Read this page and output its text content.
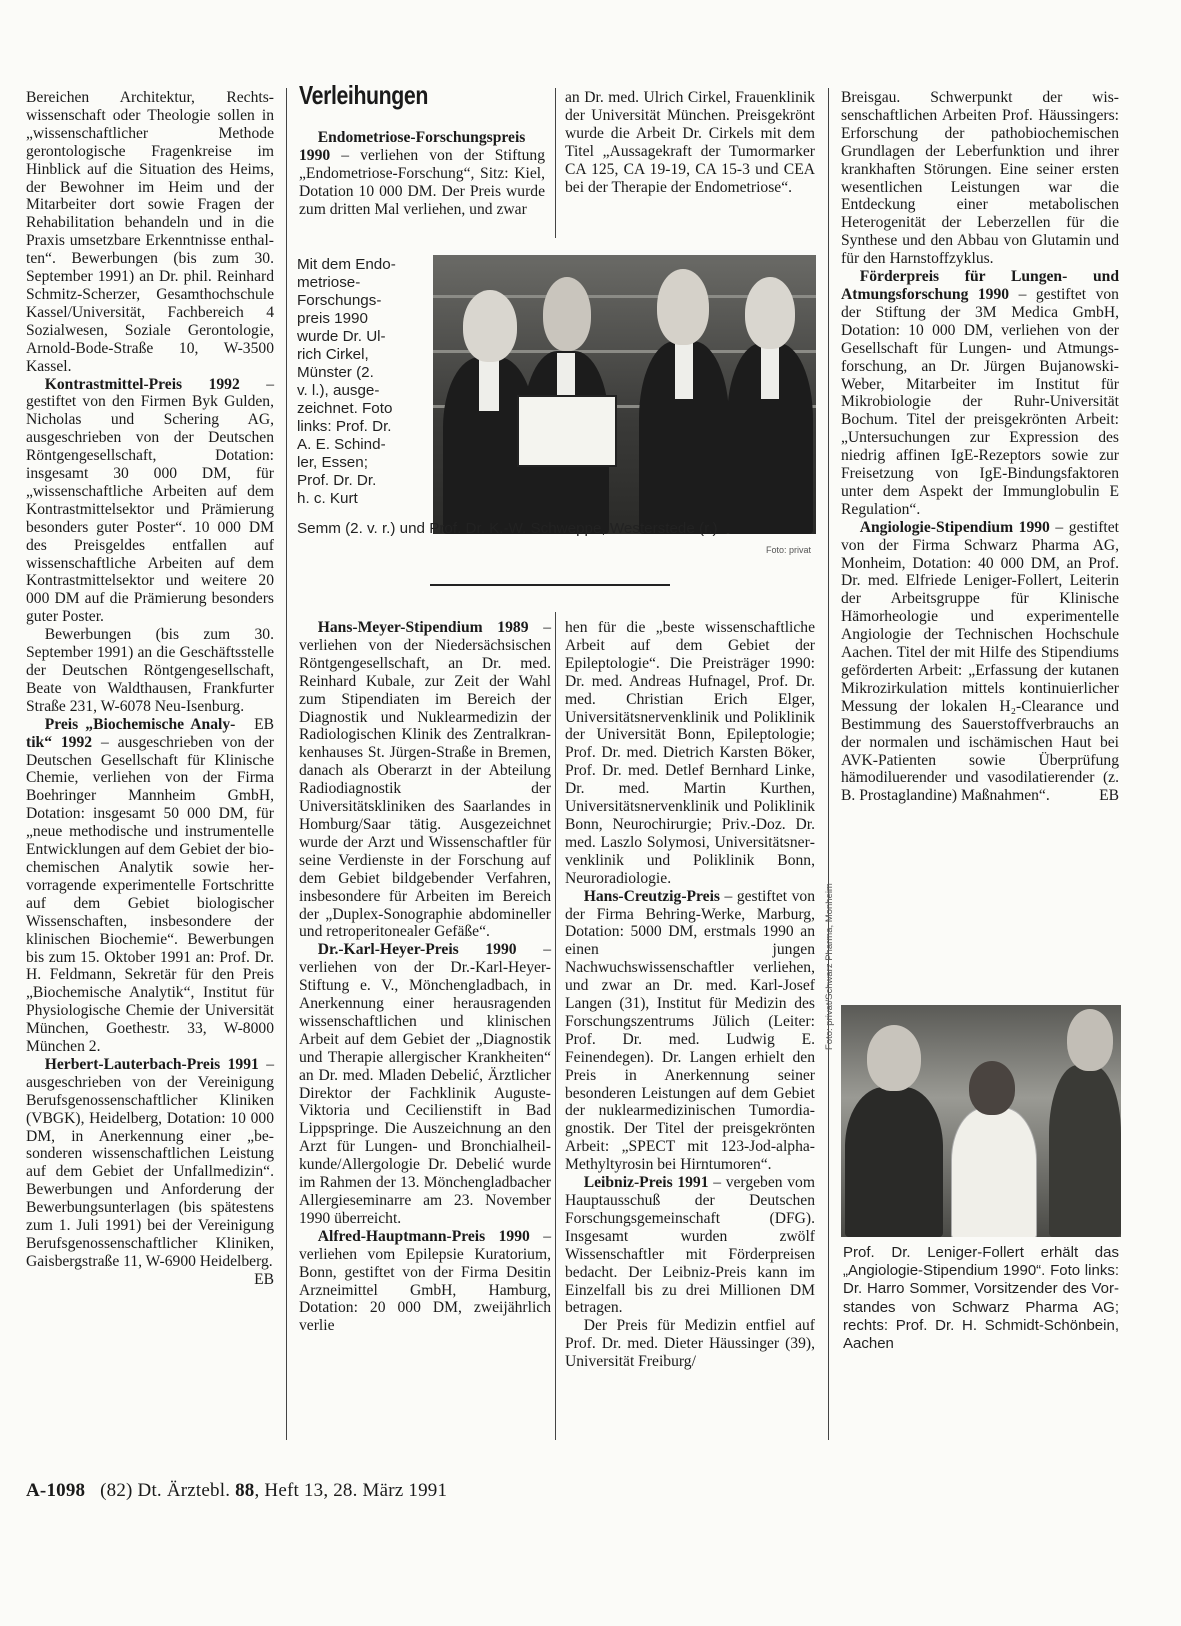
Bereichen Architektur, Rechtswissenschaft oder Theologie sollen in „wissenschaftlicher Methode gerontologische Fragenkreise im Hinblick auf die Situation des Heims, der Bewohner im Heim und der Mitarbeiter dort sowie Fragen der Rehabilitation behandeln und in die Praxis umsetzbare Erkenntnisse enthalten“. Bewerbungen (bis zum 30. September 1991) an Dr. phil. Reinhard Schmitz-Scherzer, Gesamthochschule Kassel/Universität, Fachbereich 4 Sozialwesen, Soziale Gerontologie, Arnold-Bode-Straße 10, W-3500 Kassel.

Kontrastmittel-Preis 1992 – gestiftet von den Firmen Byk Gulden, Nicholas und Schering AG, ausgeschrieben von der Deutschen Röntgengesellschaft, Dotation: insgesamt 30 000 DM, für „wissenschaftliche Arbeiten auf dem Kontrastmittelsektor und Prämierung besonders guter Poster“. 10 000 DM des Preisgeldes entfallen auf wissenschaftliche Arbeiten auf dem Kontrastmittelsektor und weitere 20 000 DM auf die Prämierung besonders guter Poster.

Bewerbungen (bis zum 30. September 1991) an die Geschäftsstelle der Deutschen Röntgengesellschaft, Beate von Waldthausen, Frankfurter Straße 231, W-6078 Neu-Isenburg.
EB

Preis „Biochemische Analytik“ 1992 – ausgeschrieben von der Deutschen Gesellschaft für Klinische Chemie, verliehen von der Firma Boehringer Mannheim GmbH, Dotation: insgesamt 50 000 DM, für „neue methodische und instrumentelle Entwicklungen auf dem Gebiet der biochemischen Analytik sowie hervorragende experimentelle Fortschritte auf dem Gebiet biologischer Wissenschaften, insbesondere der klinischen Biochemie“. Bewerbungen bis zum 15. Oktober 1991 an: Prof. Dr. H. Feldmann, Sekretär für den Preis „Biochemische Analytik“, Institut für Physiologische Chemie der Universität München, Goethestr. 33, W-8000 München 2.

Herbert-Lauterbach-Preis 1991 – ausgeschrieben von der Vereinigung Berufsgenossenschaftlicher Kliniken (VBGK), Heidelberg, Dotation: 10 000 DM, in Anerkennung einer „besonderen wissenschaftlichen Leistung auf dem Gebiet der Unfallmedizin“. Bewerbungen und Anforderung der Bewerbungsunterlagen (bis spätestens zum 1. Juli 1991) bei der Vereinigung Berufsgenossenschaftlicher Kliniken, Gaisbergstraße 11, W-6900 Heidelberg.
EB

Verleihungen

Endometriose-Forschungspreis 1990 – verliehen von der Stiftung „Endometriose-Forschung“, Sitz: Kiel, Dotation 10 000 DM. Der Preis wurde zum dritten Mal verliehen, und zwar

an Dr. med. Ulrich Cirkel, Frauenklinik der Universität München. Preisgekrönt wurde die Arbeit Dr. Cirkels mit dem Titel „Aussagekraft der Tumormarker CA 125, CA 19-19, CA 15-3 und CEA bei der Therapie der Endometriose“.

Mit dem Endo-
metriose-
Forschungs-
preis 1990
wurde Dr. Ul-
rich Cirkel,
Münster (2.
v. l.), ausge-
zeichnet. Foto
links: Prof. Dr.
A. E. Schind-
ler, Essen;
Prof. Dr. Dr.
h. c. Kurt
Semm (2. v. r.) und Prof. Dr. K.-W. Schweppe, Westerstede (r.)
Foto: privat

Hans-Meyer-Stipendium 1989 – verliehen von der Niedersächsischen Röntgengesellschaft, an Dr. med. Reinhard Kubale, zur Zeit der Wahl zum Stipendiaten im Bereich der Diagnostik und Nuklearmedizin der Radiologischen Klinik des Zentralkrankenhauses St. Jürgen-Straße in Bremen, danach als Oberarzt in der Abteilung Radiodiagnostik der Universitätskliniken des Saarlandes in Homburg/Saar tätig. Ausgezeichnet wurde der Arzt und Wissenschaftler für seine Verdienste in der Forschung auf dem Gebiet bildgebender Verfahren, insbesondere für Arbeiten im Bereich der „Duplex-Sonographie abdomineller und retroperitonealer Gefäße“.

Dr.-Karl-Heyer-Preis 1990 – verliehen von der Dr.-Karl-Heyer-Stiftung e. V., Mönchengladbach, in Anerkennung einer herausragenden wissenschaftlichen und klinischen Arbeit auf dem Gebiet der „Diagnostik und Therapie allergischer Krankheiten“ an Dr. med. Mladen Debelić, Ärztlicher Direktor der Fachklinik Auguste-Viktoria und Cecilienstift in Bad Lippspringe. Die Auszeichnung an den Arzt für Lungen- und Bronchialheilkunde/Allergologie Dr. Debelić wurde im Rahmen der 13. Mönchengladbacher Allergieseminarre am 23. November 1990 überreicht.

Alfred-Hauptmann-Preis 1990 – verliehen vom Epilepsie Kuratorium, Bonn, gestiftet von der Firma Desitin Arzneimittel GmbH, Hamburg, Dotation: 20 000 DM, zweijährlich verlie

hen für die „beste wissenschaftliche Arbeit auf dem Gebiet der Epileptologie“. Die Preisträger 1990: Dr. med. Andreas Hufnagel, Prof. Dr. med. Christian Erich Elger, Universitätsnervenklinik und Poliklinik der Universität Bonn, Epileptologie; Prof. Dr. med. Dietrich Karsten Böker, Prof. Dr. med. Detlef Bernhard Linke, Dr. med. Martin Kurthen, Universitätsnervenklinik und Poliklinik Bonn, Neurochirurgie; Priv.-Doz. Dr. med. Laszlo Solymosi, Universitätsnervenklinik und Poliklinik Bonn, Neuroradiologie.

Hans-Creutzig-Preis – gestiftet von der Firma Behring-Werke, Marburg, Dotation: 5000 DM, erstmals 1990 an einen jungen Nachwuchswissenschaftler verliehen, und zwar an Dr. med. Karl-Josef Langen (31), Institut für Medizin des Forschungszentrums Jülich (Leiter: Prof. Dr. med. Ludwig E. Feinendegen). Dr. Langen erhielt den Preis in Anerkennung seiner besonderen Leistungen auf dem Gebiet der nuklearmedizinischen Tumordiagnostik. Der Titel der preisgekrönten Arbeit: „SPECT mit 123-Jod-alpha-Methyltyrosin bei Hirntumoren“.

Leibniz-Preis 1991 – vergeben vom Hauptausschuß der Deutschen Forschungsgemeinschaft (DFG). Insgesamt wurden zwölf Wissenschaftler mit Förderpreisen bedacht. Der Leibniz-Preis kann im Einzelfall bis zu drei Millionen DM betragen.

Der Preis für Medizin entfiel auf Prof. Dr. med. Dieter Häussinger (39), Universität Freiburg/

Breisgau. Schwerpunkt der wissenschaftlichen Arbeiten Prof. Häussingers: Erforschung der pathobiochemischen Grundlagen der Leberfunktion und ihrer krankhaften Störungen. Eine seiner ersten wesentlichen Leistungen war die Entdeckung einer metabolischen Heterogenität der Leberzellen für die Synthese und den Abbau von Glutamin und für den Harnstoffzyklus.

Förderpreis für Lungen- und Atmungsforschung 1990 – gestiftet von der Stiftung der 3M Medica GmbH, Dotation: 10 000 DM, verliehen von der Gesellschaft für Lungen- und Atmungsforschung, an Dr. Jürgen Bujanowski-Weber, Mitarbeiter im Institut für Mikrobiologie der Ruhr-Universität Bochum. Titel der preisgekrönten Arbeit: „Untersuchungen zur Expression des niedrig affinen IgE-Rezeptors sowie zur Freisetzung von IgE-Bindungsfaktoren unter dem Aspekt der Immunglobulin E Regulation“.

Angiologie-Stipendium 1990 – gestiftet von der Firma Schwarz Pharma AG, Monheim, Dotation: 40 000 DM, an Prof. Dr. med. Elfriede Leniger-Follert, Leiterin der Arbeitsgruppe für Klinische Hämorheologie und experimentelle Angiologie der Technischen Hochschule Aachen. Titel der mit Hilfe des Stipendiums geförderten Arbeit: „Erfassung der kutanen Mikrozirkulation mittels kontinuierlicher Messung der lokalen H₂-Clearance und Bestimmung des Sauerstoffverbrauchs an der normalen und ischämischen Haut bei AVK-Patienten sowie Überprüfung hämodiluerender und vasodilatierender (z. B. Prostaglandine) Maßnahmen“.	EB

Foto: privat/Schwarz Pharma, Monheim
Prof. Dr. Leniger-Follert erhält das „Angiologie-Stipendium 1990“. Foto links: Dr. Harro Sommer, Vorsitzender des Vorstandes von Schwarz Pharma AG; rechts: Prof. Dr. H. Schmidt-Schönbein, Aachen
A-1098 (82) Dt. Ärztebl. 88, Heft 13, 28. März 1991
